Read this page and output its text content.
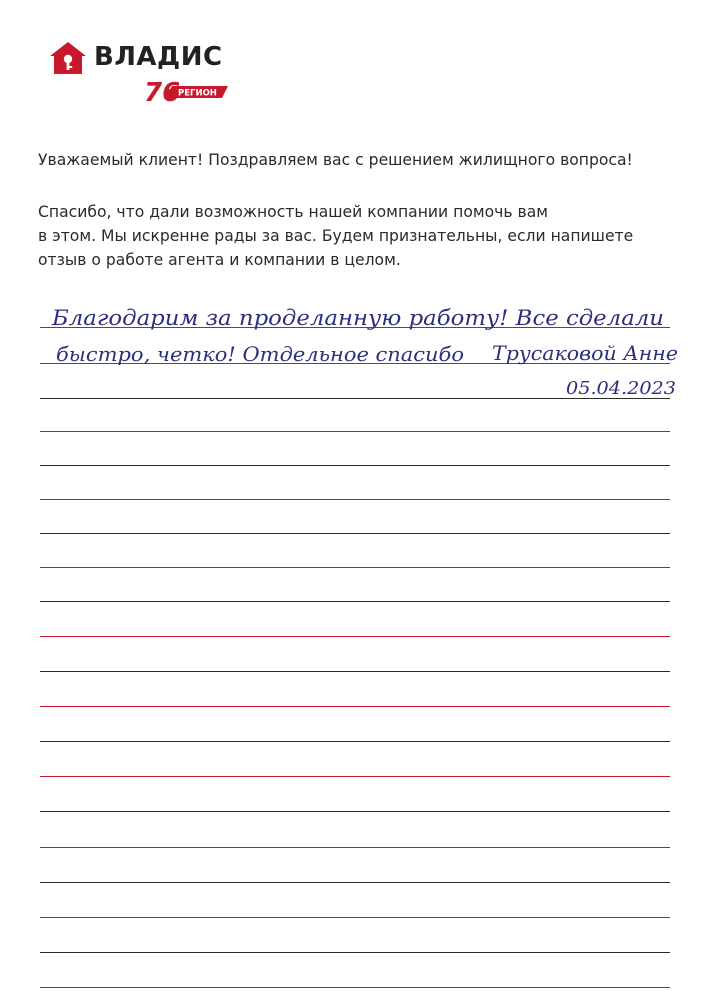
ВЛАДИС
76
РЕГИОН

Уважаемый клиент! Поздравляем вас с решением жилищного вопроса!

Спасибо, что дали возможность нашей компании помочь вам
в этом. Мы искренне рады за вас. Будем признательны, если напишете
отзыв о работе агента и компании в целом.

Благодарим за проделанную работу! Все сделали
быстро, четко! Отдельное спасибо Трусаковой Анне
05.04.2023
